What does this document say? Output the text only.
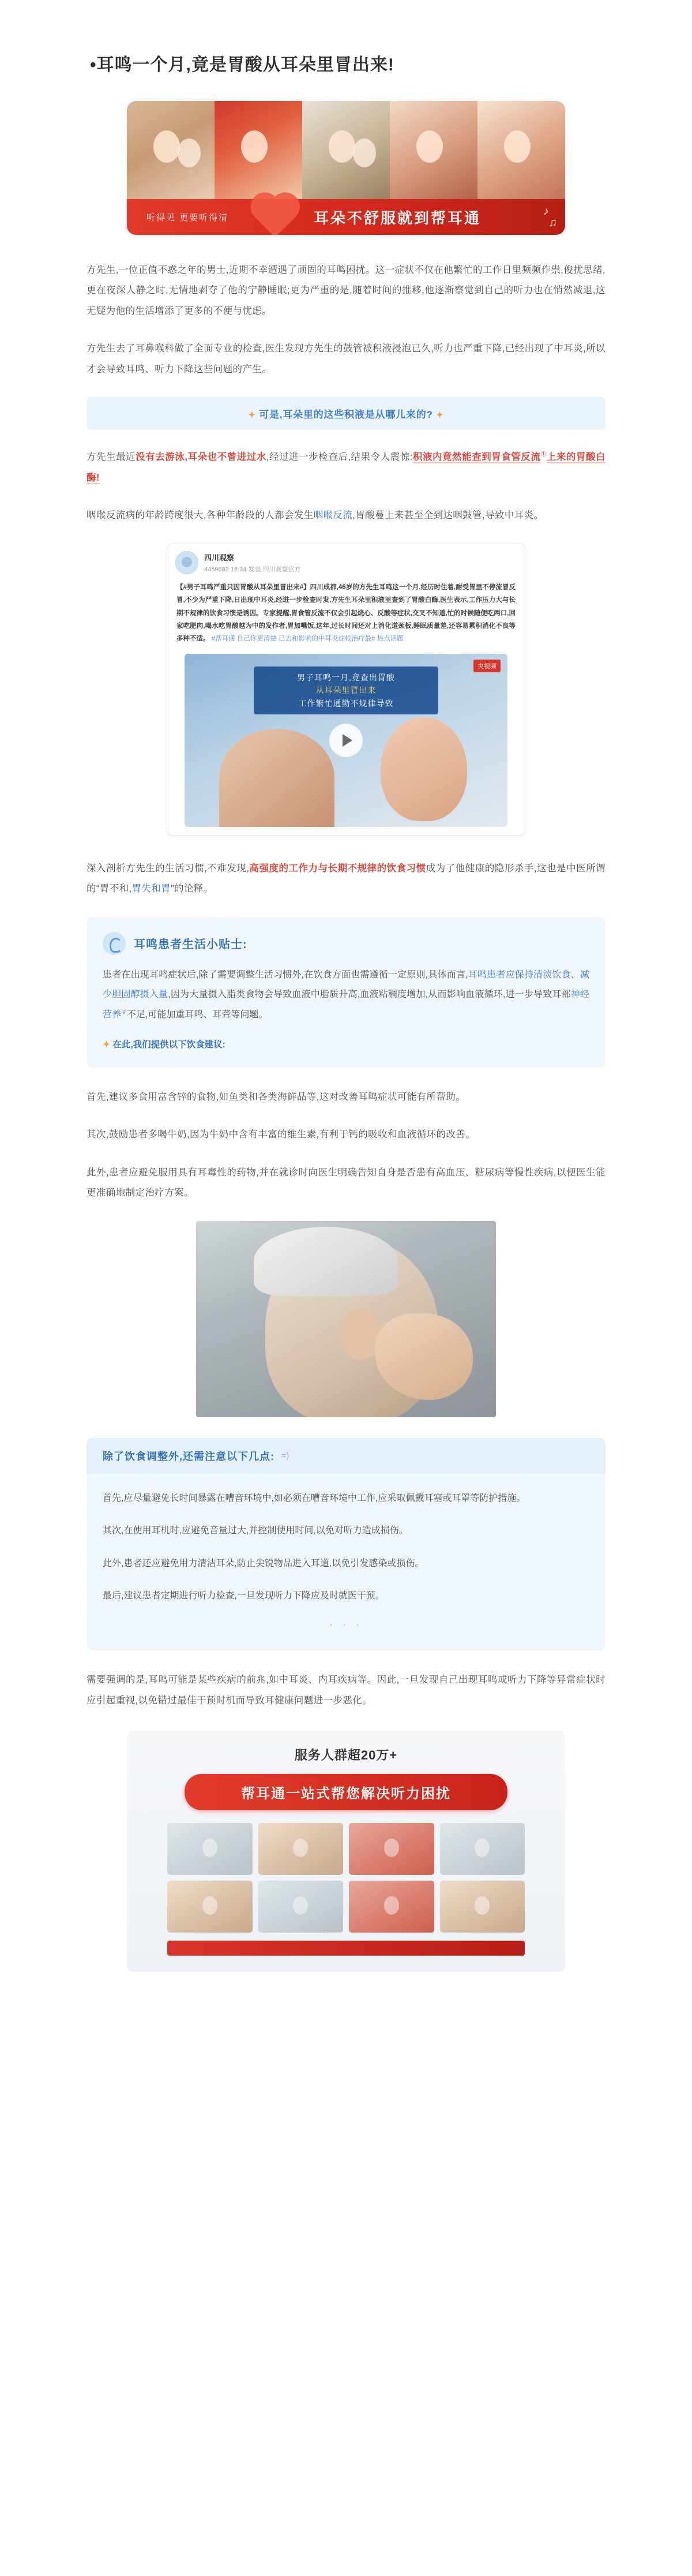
•耳鸣一个月,竟是胃酸从耳朵里冒出来!
听得见 更要听得清	耳朵不舒服就到帮耳通	♪
♫

方先生,一位正值不惑之年的男士,近期不幸遭遇了顽固的耳鸣困扰。这一症状不仅在他繁忙的工作日里频频作祟,俊扰思绪,更在夜深人静之时,无情地剥夺了他的宁静睡眠;更为严重的是,随着时间的推移,他逐渐察觉到自己的听力也在悄然减退,这无疑为他的生活增添了更多的不便与忧虑。

方先生去了耳鼻喉科做了全面专业的检查,医生发现方先生的鼓管被积液浸泡已久,听力也严重下降,已经出现了中耳炎,所以才会导致耳鸣、听力下降这些问题的产生。

✦ 可是,耳朵里的这些积液是从哪儿来的? ✦

方先生最近没有去游泳,耳朵也不曾进过水,经过进一步检查后,结果令人震惊:积液内竟然能查到胃食管反流①上来的胃酸白酶!

咽喉反流病的年龄跨度很大,各种年龄段的人都会发生咽喉反流,胃酸蔓上来甚至全到达咽鼓管,导致中耳炎。

四川观察
4459682 18:34 发表 四川观察官方
【#男子耳鸣严重只因胃酸从耳朵里冒出来#】四川成都,46岁的方先生耳鸣这一个月,经历时住着,耐受胃里不停流冒反冒,不少为严重下降,日出现中耳炎,经进一步检查时发,方先生耳朵里积液里查到了胃酸白酶,医生表示,工作压力大与长期不规律的饮食习惯是诱因。专家提醒,胃食管反流不仅会引起烧心、反酸等症状,交叉不知道,忙的时候随便吃两口,回家吃肥肉,喝水吃胃酸越为中的发作者,胃加嘴饭,这年,过长时间还对上消化道颈板,睡眠质量差,还容易累积消化不良等多种不适。 #帮耳通 自己你更清楚 已去和影响的中耳炎症候治疗最# 热点话题
男子耳鸣一月,竟查出胃酸
从耳朵里冒出来
工作繁忙通勤不规律导致
央视频

深入剖析方先生的生活习惯,不难发现,高强度的工作力与长期不规律的饮食习惯成为了他健康的隐形杀手,这也是中医所谓的“胃不和,胃失和胃”的论释。

耳鸣患者生活小贴士:

患者在出现耳鸣症状后,除了需要调整生活习惯外,在饮食方面也需遵循一定原则,具体而言,耳鸣患者应保持清淡饮食、减少胆固醇摄入量,因为大量摄入脂类食物会导致血液中脂质升高,血液粘稠度增加,从而影响血液循环,进一步导致耳部神经营养②不足,可能加重耳鸣、耳聋等问题。

✦ 在此,我们提供以下饮食建议:

首先,建议多食用富含锌的食物,如鱼类和各类海鲜品等,这对改善耳鸣症状可能有所帮助。

其次,鼓励患者多喝牛奶,因为牛奶中含有丰富的维生素,有利于钙的吸收和血液循环的改善。

此外,患者应避免服用具有耳毒性的药物,并在就诊时向医生明确告知自身是否患有高血压、糖尿病等慢性疾病,以便医生能更准确地制定治疗方案。

除了饮食调整外,还需注意以下几点: ≈)

首先,应尽量避免长时间暴露在嘈音环境中,如必须在嘈音环境中工作,应采取佩戴耳塞或耳罩等防护措施。

其次,在使用耳机时,应避免音量过大,并控制使用时间,以免对听力造成损伤。

此外,患者还应避免用力清洁耳朵,防止尖锐物品进入耳道,以免引发感染或损伤。

最后,建议患者定期进行听力检查,一旦发现听力下降应及时就医干预。

· · ·

需要强调的是,耳鸣可能是某些疾病的前兆,如中耳炎、内耳疾病等。因此,一旦发现自己出现耳鸣或听力下降等异常症状时应引起重视,以免错过最佳干预时机而导致耳健康问题进一步恶化。

服务人群超20万+
帮耳通一站式帮您解决听力困扰
